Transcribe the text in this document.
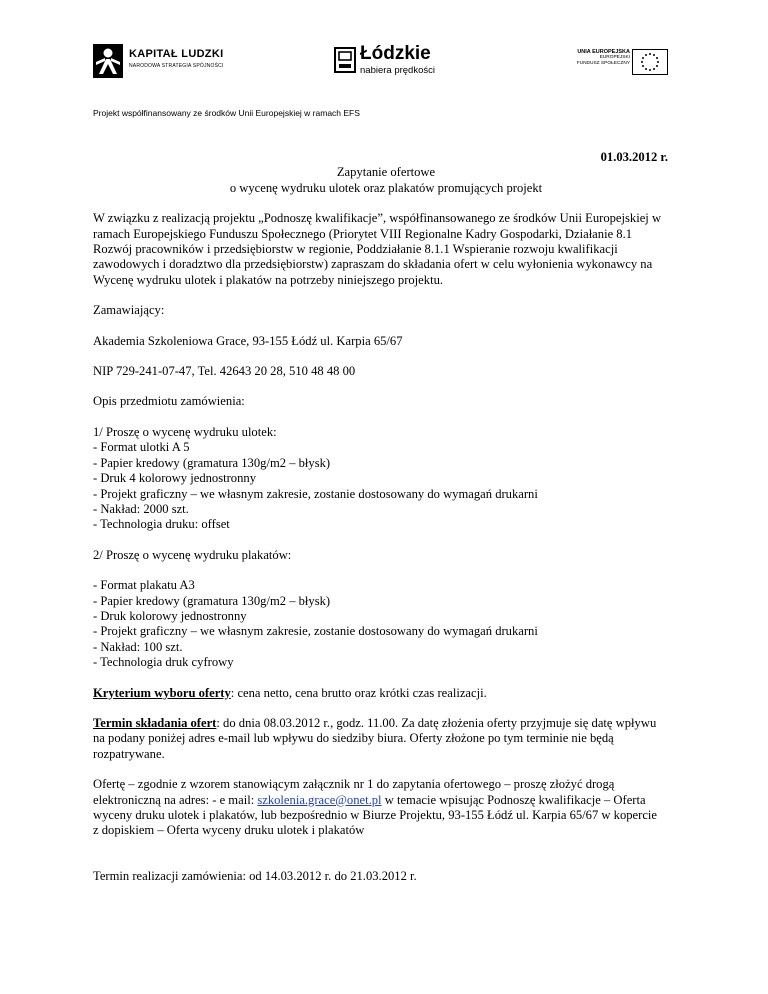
KAPITAŁ LUDZKI
NARODOWA STRATEGIA SPÓJNOŚCI
Łódzkie
nabiera prędkości
UNIA EUROPEJSKA
EUROPEJSKI
FUNDUSZ SPOŁECZNY
Projekt współfinansowany ze środków Unii Europejskiej w ramach EFS

01.03.2012 r.

Zapytanie ofertowe

o wycenę wydruku ulotek oraz plakatów promujących projekt

W związku z realizacją projektu „Podnoszę kwalifikacje”, współfinansowanego ze środków Unii Europejskiej w
ramach Europejskiego Funduszu Społecznego (Priorytet VIII Regionalne Kadry Gospodarki, Działanie 8.1
Rozwój pracowników i przedsiębiorstw w regionie, Poddziałanie 8.1.1 Wspieranie rozwoju kwalifikacji
zawodowych i doradztwo dla przedsiębiorstw) zapraszam do składania ofert w celu wyłonienia wykonawcy na
Wycenę wydruku ulotek i plakatów na potrzeby niniejszego projektu.

Zamawiający:

Akademia Szkoleniowa Grace, 93-155 Łódź ul. Karpia 65/67

NIP 729-241-07-47, Tel. 42643 20 28, 510 48 48 00

Opis przedmiotu zamówienia:

1/ Proszę o wycenę wydruku ulotek:

- Format ulotki A 5

- Papier kredowy (gramatura 130g/m2 – błysk)

- Druk 4 kolorowy jednostronny

- Projekt graficzny – we własnym zakresie, zostanie dostosowany do wymagań drukarni

- Nakład: 2000 szt.

- Technologia druku: offset

2/ Proszę o wycenę wydruku plakatów:

- Format plakatu A3

- Papier kredowy (gramatura 130g/m2 – błysk)

- Druk kolorowy jednostronny

- Projekt graficzny – we własnym zakresie, zostanie dostosowany do wymagań drukarni

- Nakład: 100 szt.

- Technologia druk cyfrowy

Kryterium wyboru oferty: cena netto, cena brutto oraz krótki czas realizacji.

Termin składania ofert: do dnia 08.03.2012 r., godz. 11.00. Za datę złożenia oferty przyjmuje się datę wpływu

na podany poniżej adres e-mail lub wpływu do siedziby biura. Oferty złożone po tym terminie nie będą

rozpatrywane.

Ofertę – zgodnie z wzorem stanowiącym załącznik nr 1 do zapytania ofertowego – proszę złożyć drogą

elektroniczną na adres: - e mail: szkolenia.grace@onet.pl w temacie wpisując Podnoszę kwalifikacje – Oferta

wyceny druku ulotek i plakatów, lub bezpośrednio w Biurze Projektu, 93-155 Łódź ul. Karpia 65/67 w kopercie

z dopiskiem – Oferta wyceny druku ulotek i plakatów

Termin realizacji zamówienia: od 14.03.2012 r. do 21.03.2012 r.
